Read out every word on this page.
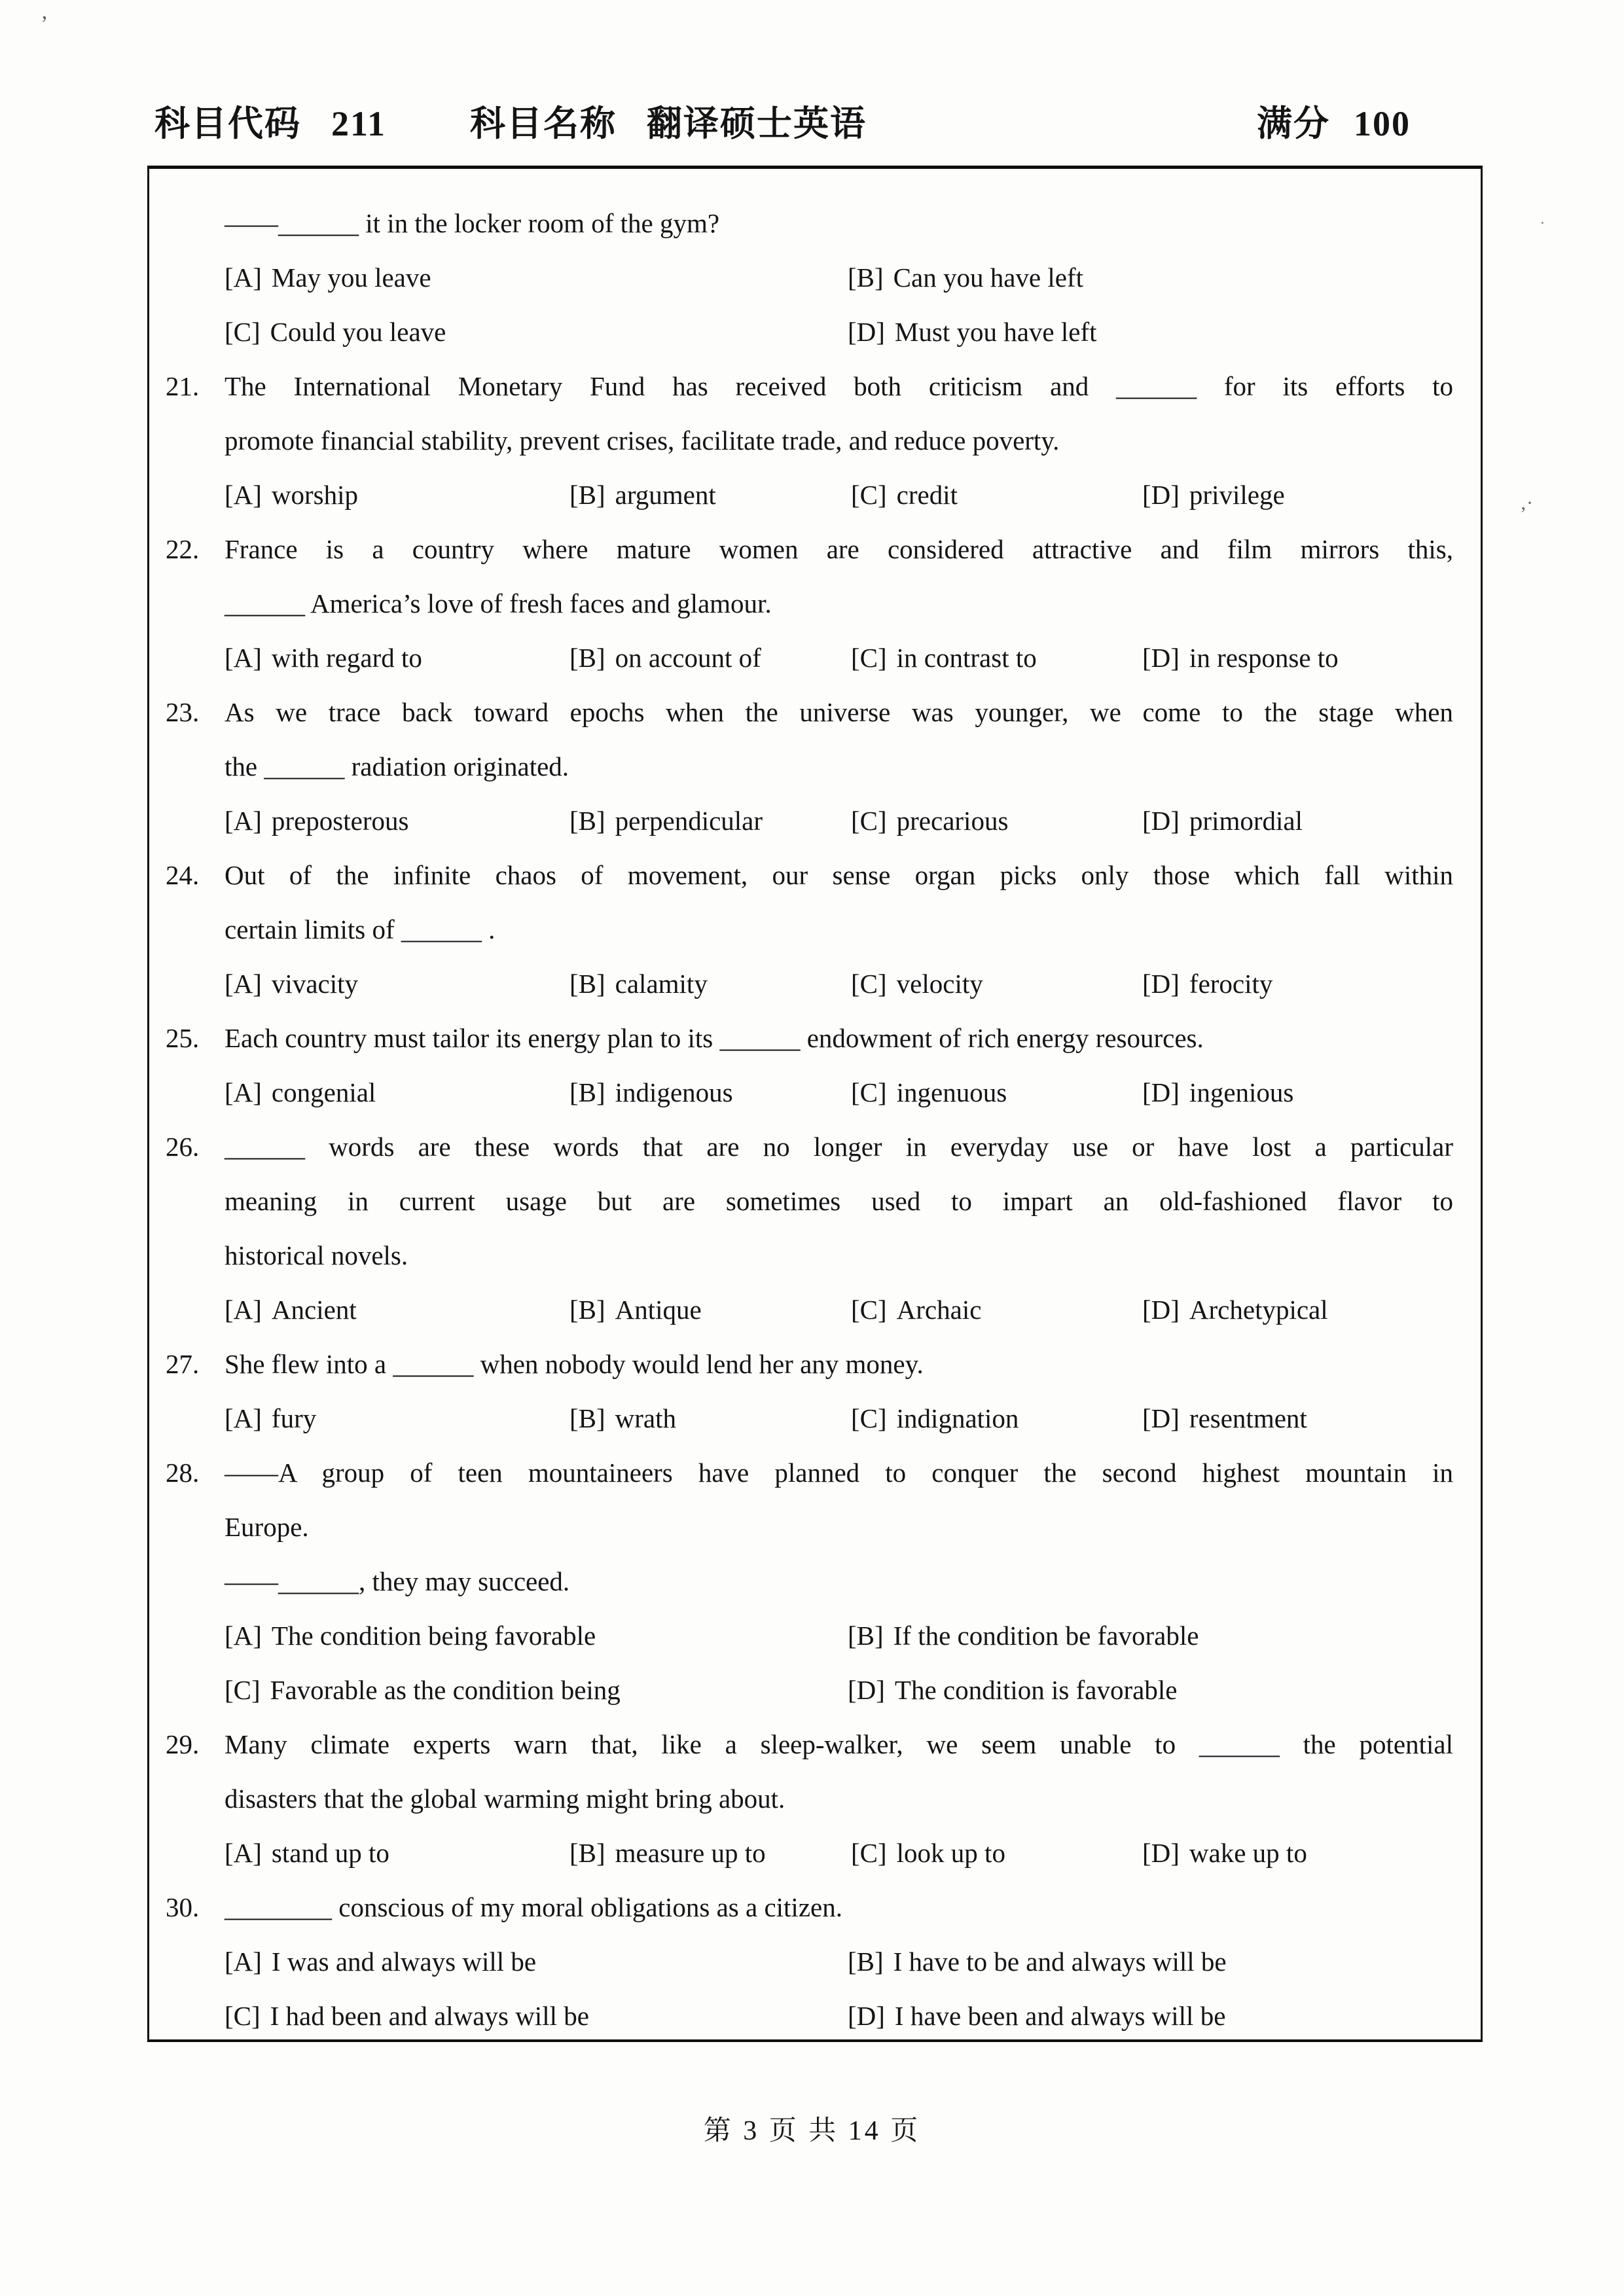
’
‚·
·
科目代码 211 科目名称 翻译硕士英语	满分 100
——______ it in the locker room of the gym?
[A] May you leave	[B] Can you have left
[C] Could you leave	[D] Must you have left
21. The International Monetary Fund has received both criticism and ______ for its efforts to
promote financial stability, prevent crises, facilitate trade, and reduce poverty.
[A] worship	[B] argument	[C] credit	[D] privilege
22. France is a country where mature women are considered attractive and film mirrors this,
______ America’s love of fresh faces and glamour.
[A] with regard to	[B] on account of	[C] in contrast to	[D] in response to
23. As we trace back toward epochs when the universe was younger, we come to the stage when
the ______ radiation originated.
[A] preposterous	[B] perpendicular	[C] precarious	[D] primordial
24. Out of the infinite chaos of movement, our sense organ picks only those which fall within
certain limits of ______ .
[A] vivacity	[B] calamity	[C] velocity	[D] ferocity
25. Each country must tailor its energy plan to its ______ endowment of rich energy resources.
[A] congenial	[B] indigenous	[C] ingenuous	[D] ingenious
26. ______ words are these words that are no longer in everyday use or have lost a particular
meaning in current usage but are sometimes used to impart an old-fashioned flavor to
historical novels.
[A] Ancient	[B] Antique	[C] Archaic	[D] Archetypical
27. She flew into a ______ when nobody would lend her any money.
[A] fury	[B] wrath	[C] indignation	[D] resentment
28. ——A group of teen mountaineers have planned to conquer the second highest mountain in
Europe.
——______, they may succeed.
[A] The condition being favorable	[B] If the condition be favorable
[C] Favorable as the condition being	[D] The condition is favorable
29. Many climate experts warn that, like a sleep-walker, we seem unable to ______ the potential
disasters that the global warming might bring about.
[A] stand up to	[B] measure up to	[C] look up to	[D] wake up to
30. ________ conscious of my moral obligations as a citizen.
[A] I was and always will be	[B] I have to be and always will be
[C] I had been and always will be	[D] I have been and always will be
第 3 页 共 14 页
